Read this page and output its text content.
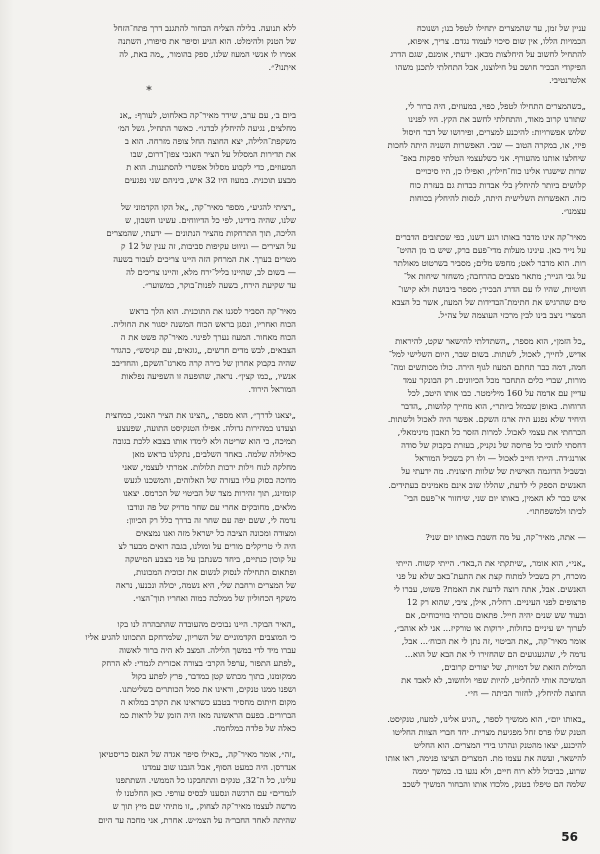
עניין של זמן, עד שהמצרים יתחילו לטפל בנו; ושנוכח
הכמויות הללו, אין שום סיכוי לעמוד נגדם. צריך, איפוא,
להתחיל לחשוב על היחלצות מכאן. ידעתי, אומנם, שגם הדרג
הפיקודי הבכיר חושב על חילוצנו, אבל התחלתי לתכנן משהו
אלטרנטיבי.

„כשהמצרים התחילו לטפל, כפוּי, במעוזים, היה ברור לי,
שתורנו קרוב מאוד, והתחלתי לחשב את הקץ. היו לפנינו
שלוש אפשרויות: להיכנע למצרים, ופירושו של דבר חיסול
פיזי, או, במקרה הטוב — שבי. האפשרות השניה היתה לחכות
שיחלצו אותנו מהעורף. אני כשלעצמי הטלתי ספקות באפ־
שרות שישגרו אלינו כוח־חילוץ, ואפילו כן, היו סיכויים
קלושים ביותר להיחלץ בלי אבדות כבדות גם בעזרת כוח
כזה. האפשרות השלישית היתה, לנסות להיחלץ בכוחות
עצמנו״.

מאיר־קה אינו מדבר באותו רגע דשנו, כפי שכתובים הדברים
על נייר כאן. עינינו מעלות מדי־פעם ברק, שיש בו מן ההיט־
רות. הוא מדבר לאט; מחפש מלים; מסביר בשרטוט מאולתר
על גבי הנייר; מתאר מצבים בהרחבה; משחזר שיחות אל־
חוטיות, שהיו לו עם הדרג הבכיר; מספר ביבושת ולא קישו־
טים שהרגיש את חתימת־הבדידות של המעוז, אשר כל הצבא
המצרי ניצב בינו לבין מרכזי העוצמה של צה״ל.

„כל הזמן״, הוא מספר, „השתדלתי להישאר שקט, להיראות
אדיש, לחייך, לאכול, לשתות. בשום שבר, היום השלישי למל־
חמה, דמה כבר תחתם המעוז לגוף הירה. כולו מכותשים ומה־
מורות, שברי כלים התחבר מכל הכיוונים. רק הבונקר עמד
עדיין עם אדמה על 160 מילימטר. כבו אותו היטב, לכל
הרוחות. באופן שבמזל ביותר״, הוא מחייך קלושות, „הדבר
היחיד שלא נפגע היה ארגז השקם. אפשר היה לאכול ולשתות.
הכרחתי את עצמי לאכול. למרות הזסר כל תאבון מינימאלי,
דחסתי לתוכי כל פרוסה של נקניק, בעזרת בקבוק של סודה
אורנג׳דה. הייתי חייב לאכול — ולוּ רק בשביל המוראל
ובשביל הדוגמה האישית של שלוות חיצונית. מה ידעתי על
האנשים הספק לי לדעת, שהללו שוב אינם מאמינים בעתידים.
איש כבר לא האמין, באותו יום שני, שיחזור אי־פעם הבי־
לביתו ולמשפחתו״.

— אתה, מאיר־קה, על מה חשבת באותו יום שני?

„אני״, הוא אומר, „שיתקתי את ה,באד׳. הייתי קשוח. הייתי
מוכרח, רק בשביל למתוח קצת את התעת־באב שלא על פני
האנשים. אבל, אתה רוצה לדעת את האמת? פשוט, עברו לי
פרצופים לפני העיניים. רחל׳ה, אילן, ציבי, שהוא רק 12
ובעוד שש שנים יהיה חייל. פתאום נזכרתי בוויכוחים, אם
לערוך יש עיניים כחולות, ירוקות או טורקיז... אני לא אוהב״,
אומר מאיר־קה, „את הביטוי ,זה נתן לי את הכוח׳... אבל,
נדמה לי, שהגעגועים הם שהחזירו לי את הבא של הוא...
המילות הזאת של דמויות, של יצורים קרובים,
המשיכה אותי להחליט, להיות שפוי ולחשוב, לא לאבד את
החוצה להיחלץ, לחזור הביתה — חי״.

„באותו יום״, הוא ממשיך לספר, „הגיע אלינו, למעוז, טנקיסט.
הטנק שלו פרס זחל מפגיעת מצרית. יחד חברי הצוות החליטו
להיכנע, יצאו מהטנק ונהרגו בידי המצרים. הוא החליט
להישאר, ועשה את עצמו מת. המצרים הציצו פנימה, ראו אותו
שרוע, כביכול ללא רוח חיים, ולא נגעו בו. במשך יממה
שלמה הם טיפלו בטנק, מלכדו אותו והבחור המשיך לשכב

ללא תנועה. בלילה הצליח הבחור להתגנב דרך פתח־הזחל
של הטנק ולהימלט. הוא הגיע וסיפר את סיפורו, השתנה
אמרו לו אנשי המעוז שלנו, ספק בהומור, „מה באת, לה
איתנו?״.

*

ביום ב׳, עם ערב, שידר מאיר־קה באלחוט, לעורף: „אנ
מחלצים, נגיעה להיחלץ לבדנו״. כאשר התחיל, גשל המ׳
משקפת־הלילה, יצא החוצה החל צופה מזרחה. הוא ב
את תדירות המסלול על הציר האנכי צפון־דרום, שבו
המעוזים, כדי לקבוע מסלול אפשרי להסתננות. הוא ת
מבצע תוכנית. במעוז היו 32 איש, ביניהם שני נפגעים

„רציתי להגיע״, מספר מאיר־קה, „אל הקו הקדמוני של
שלנו, שהיה בידינו, לפי כל הדיווחים. עשינו חשבון, ש
הליכה, תוך התרחקות מהציר הנתונים — ידעתי, שהמצרים
על הצירים — וניווט עקיפות סביבות, זה ענין של 12 ק
מטרים בערך. את המרחק הזה היינו צריכים לעבור בשעה
— בשום לב, שהיינו בליל־ירח מלא, והיינו צריכים לה
עד שקיעת הירח, בשעה לפנות־בוקר, כמשוער״.

מאיר־קה הסביר לסגנו את התוכנית. הוא הלך בראש
הכוח ואחריו, ונסגן בראש הכוח המשנה יסגור את החוליה.
הכוח מאחור. המעוז נערך לפינוי. מאיר־קה פשט את ה
הצבאים, לבש מדים חדשים, „גוגאים, עם קניסש״, כהגדר
שהיה בקבוק אחרון של בירה קרה מארגז־השקם, והחדיבב
אנשיו, „כמו קצין״. נראה, שהופעה זו השפיעה נפלאות
המוראל הירוד.

„יצאנו לדרך״, הוא מספר, „הצינו את הציר האנכי, כמחצית
וצעדנו במהירות גדולה. אפילו הטנקיסט התועה, שפעצע
תמיכה, כי הוא שריטה ולא לימדו אותו בצבא ללכת בגובה
כאילולה שלמה. באחד השלבים, נתקלנו בראש מאן
מחלקה לנוח וילות ירכות תלולות. אמרתי לעצמי, שאני
מדוכה בסוק עליו בעזרה של האלוהים, והמשכנו לגעש
קומזינג, תוך זהירות מצד של הביטוי של הכרמס. יצאנו
מלאים, מחובקים אחרי עם שחר מדויק של פה ונודבו
נדמה לי, ששם יפה עם שחר זה בדרך כלל רק הכיוון:
ומצודה ומכונה הציבה כל ישראל מזה ואנו נמצאים
היה לי טריקלים מורים על ומולנו, בגבה רואים מבעד לצ
על קוכון כנתיים, ביחד כשנתכן על פני בצבע המישקה
ופתאום התחילה לנסוק לנשום את זכוכית המכונות,
של המצרים ורחבת שלי, היא נשמה, יכולה ונכנעו, נראה
משקף הכחוליון של ממלכה כמוה ואחריו תוך־הצו״.

„האיר הבוקר. היינו נבוכים מהעובדה שהתבהרה לנו בקו
כי המוצבים הקדמוניים של השריון, שלמרחקם התכוונו להגיע אליו
עברו מיד לדי במשך הלילה. המצב לא היה ברור לאשוה
„לפתע התפזר ,ערפל הקרב׳ בצורה אכזרית לגמרי: לא הרחק
ממקומנו, בתוך מכתש קטן במדבר, פרץ לפתע בקול
ושפנו ממנו טנקים, וראינו את סמל הכותרים בשליטתנו.
מקום חיתום מחסיר בטבע כשראינו את הקרב במלוא ה
הברורים. בפעם הראשונה מאז היה הזמן של לראות כמ
כאלה של פלדה במלחמה.

„זה״, אומר מאיר־קה, „כאילו סיפר אגדה של האנס כריסטיאן
אנדרסן. היה כמעט הסוף, אבל הגבנו שוב עמדנו
עלינו, כל ה־32, טנקים והתחבקנו כל הממשי. השתתפנו
לגמרים״ עם הרגשה ונסענו לבסיס עורפי. כאן החלטנו לו
מרשה לעצמו מאיר־קה לצחוק, „זו מתיהי שם מיץ תוך ש
שהיתה לאחד החבר׳ה על הצמ״ש. אחרת, אני מחכה עד היום

56
